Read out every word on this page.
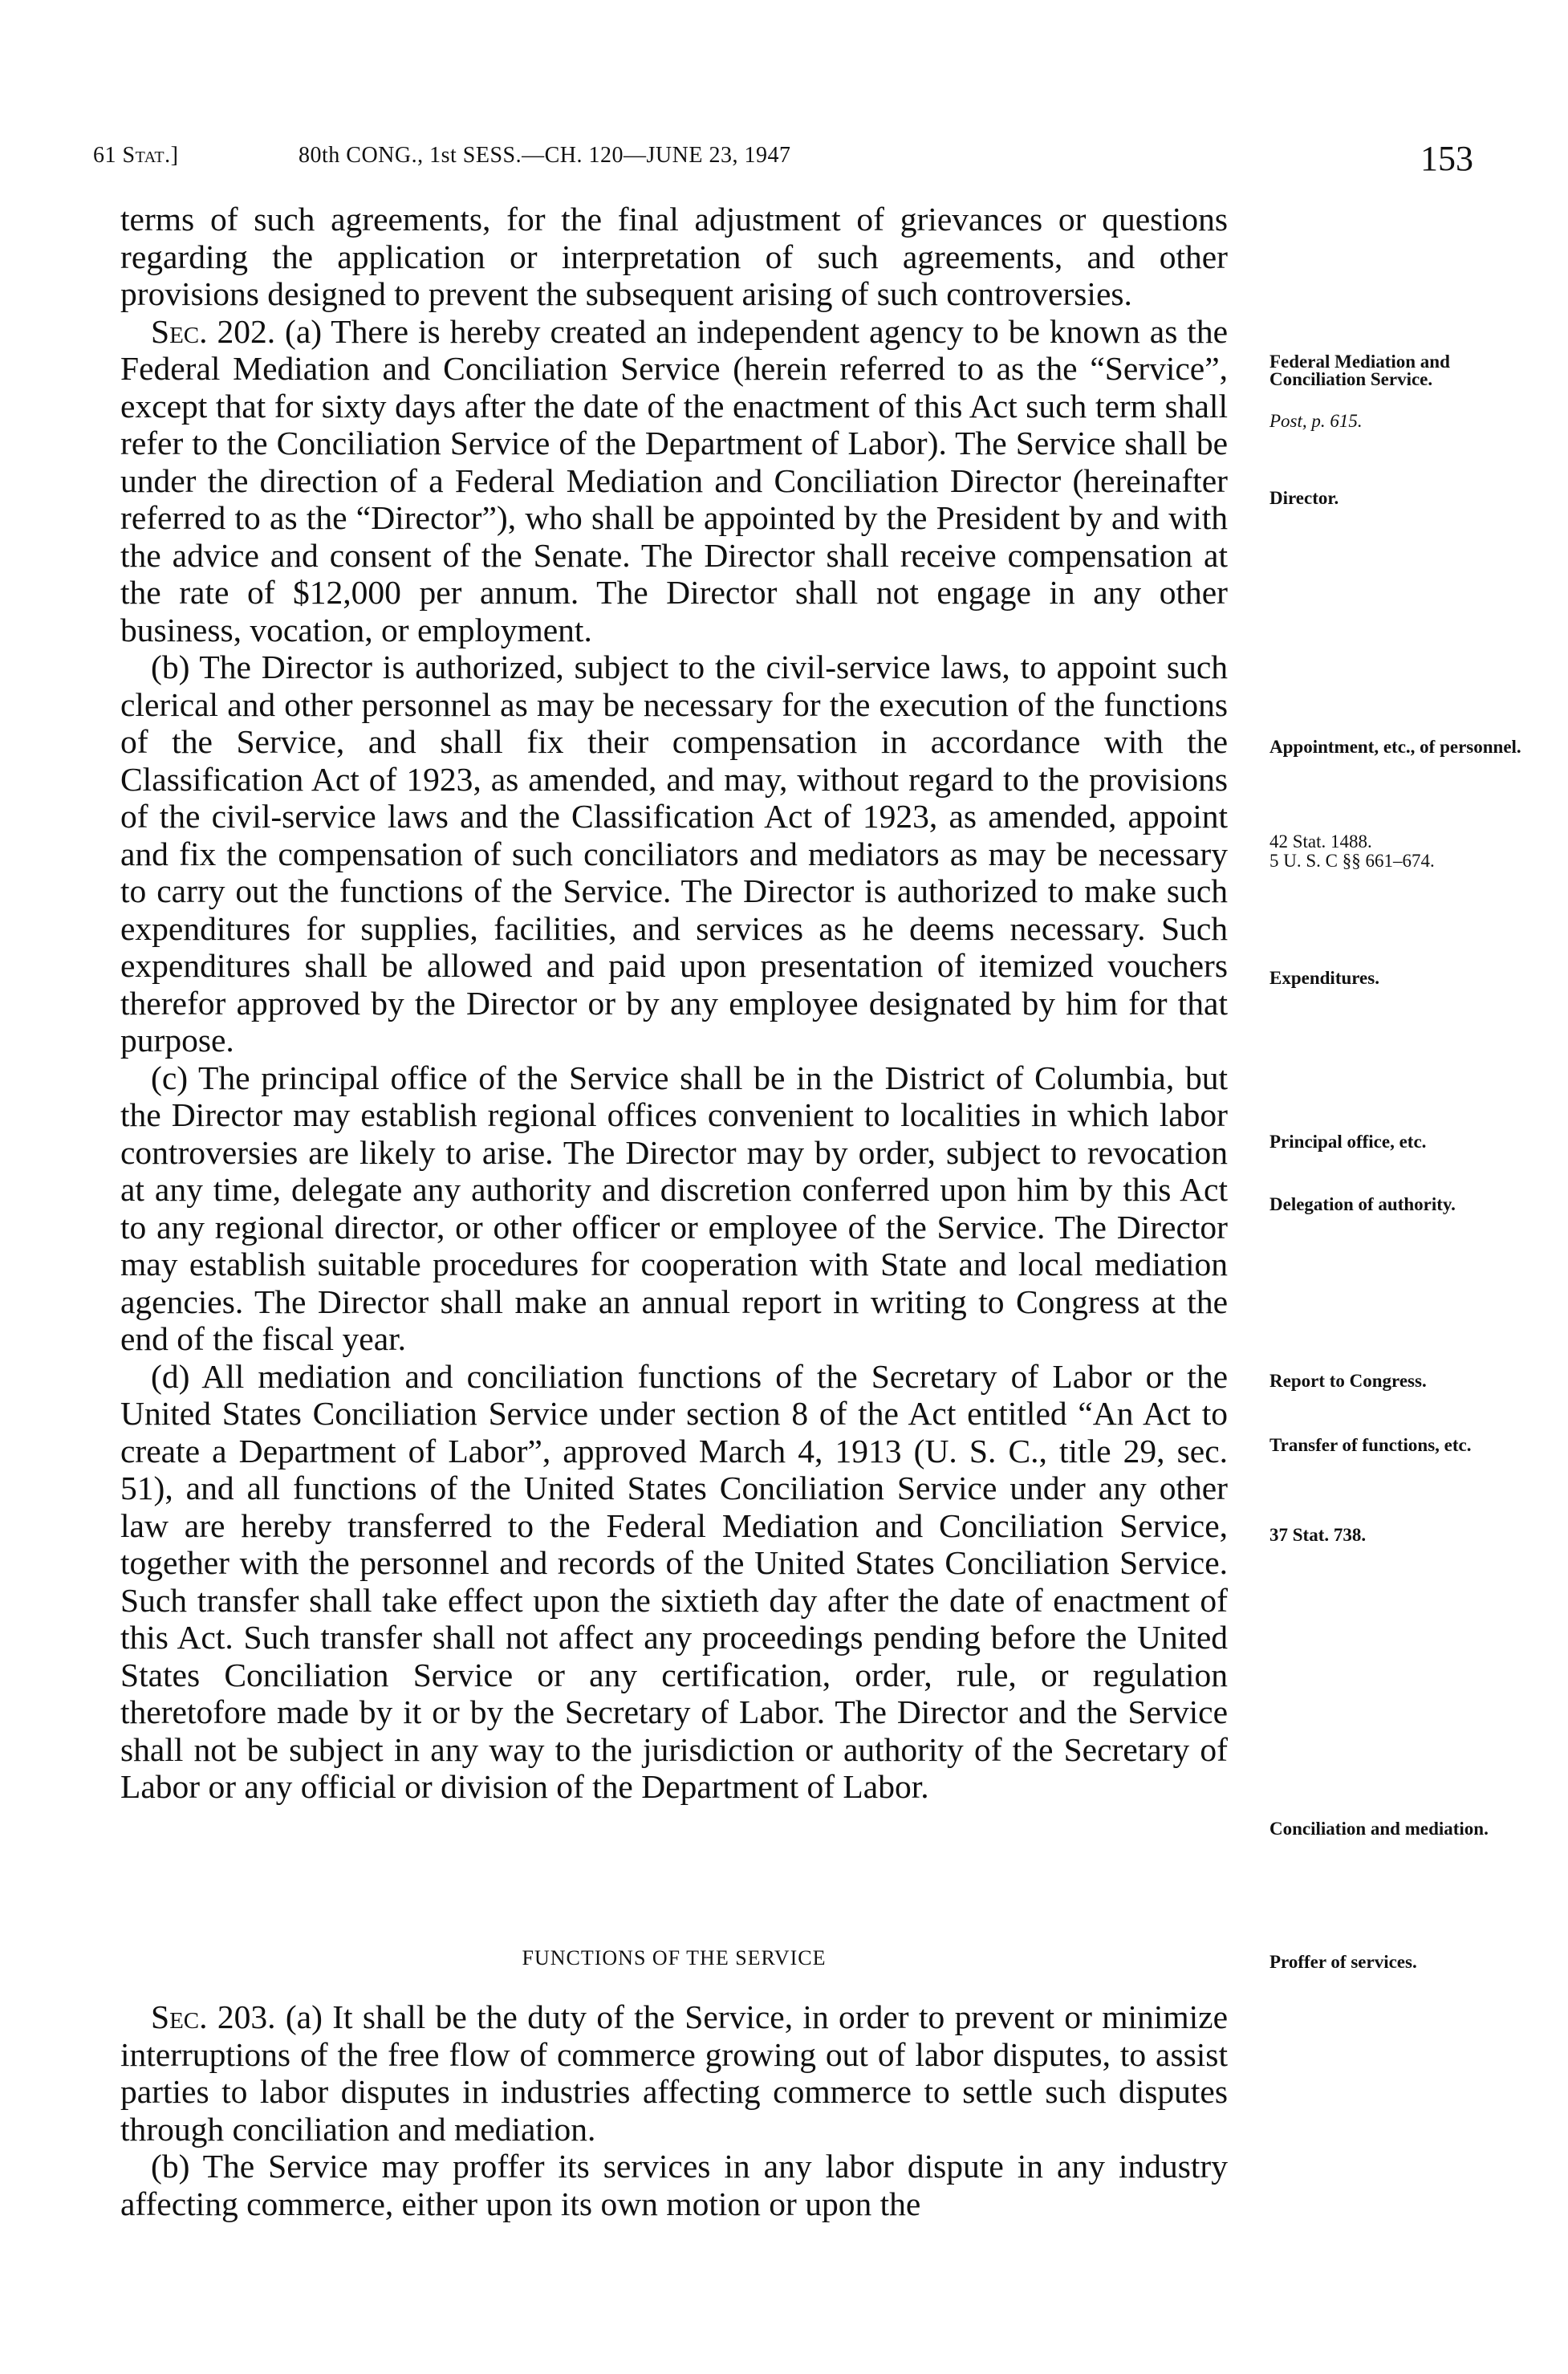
61 Stat.]	80th CONG., 1st SESS.—CH. 120—JUNE 23, 1947	153

terms of such agreements, for the final adjustment of grievances or questions regarding the application or interpretation of such agreements, and other provisions designed to prevent the subsequent arising of such controversies.

Sec. 202. (a) There is hereby created an independent agency to be known as the Federal Mediation and Conciliation Service (herein referred to as the “Service”, except that for sixty days after the date of the enactment of this Act such term shall refer to the Conciliation Service of the Department of Labor). The Service shall be under the direction of a Federal Mediation and Conciliation Director (hereinafter referred to as the “Director”), who shall be appointed by the President by and with the advice and consent of the Senate. The Director shall receive compensation at the rate of $12,000 per annum. The Director shall not engage in any other business, vocation, or employment.

(b) The Director is authorized, subject to the civil-service laws, to appoint such clerical and other personnel as may be necessary for the execution of the functions of the Service, and shall fix their compensation in accordance with the Classification Act of 1923, as amended, and may, without regard to the provisions of the civil-service laws and the Classification Act of 1923, as amended, appoint and fix the compensation of such conciliators and mediators as may be necessary to carry out the functions of the Service. The Director is authorized to make such expenditures for supplies, facilities, and services as he deems necessary. Such expenditures shall be allowed and paid upon presentation of itemized vouchers therefor approved by the Director or by any employee designated by him for that purpose.

(c) The principal office of the Service shall be in the District of Columbia, but the Director may establish regional offices convenient to localities in which labor controversies are likely to arise. The Director may by order, subject to revocation at any time, delegate any authority and discretion conferred upon him by this Act to any regional director, or other officer or employee of the Service. The Director may establish suitable procedures for cooperation with State and local mediation agencies. The Director shall make an annual report in writing to Congress at the end of the fiscal year.

(d) All mediation and conciliation functions of the Secretary of Labor or the United States Conciliation Service under section 8 of the Act entitled “An Act to create a Department of Labor”, approved March 4, 1913 (U. S. C., title 29, sec. 51), and all functions of the United States Conciliation Service under any other law are hereby transferred to the Federal Mediation and Conciliation Service, together with the personnel and records of the United States Conciliation Service. Such transfer shall take effect upon the sixtieth day after the date of enactment of this Act. Such transfer shall not affect any proceedings pending before the United States Conciliation Service or any certification, order, rule, or regulation theretofore made by it or by the Secretary of Labor. The Director and the Service shall not be subject in any way to the jurisdiction or authority of the Secretary of Labor or any official or division of the Department of Labor.

FUNCTIONS OF THE SERVICE

Sec. 203. (a) It shall be the duty of the Service, in order to prevent or minimize interruptions of the free flow of commerce growing out of labor disputes, to assist parties to labor disputes in industries affecting commerce to settle such disputes through conciliation and mediation.

(b) The Service may proffer its services in any labor dispute in any industry affecting commerce, either upon its own motion or upon the

Federal Mediation and Conciliation Service.
Post, p. 615.
Director.
Appointment, etc., of personnel.
42 Stat. 1488.
5 U. S. C §§ 661–674.
Expenditures.
Principal office, etc.
Delegation of authority.
Report to Congress.
Transfer of functions, etc.
37 Stat. 738.
Conciliation and mediation.
Proffer of services.
